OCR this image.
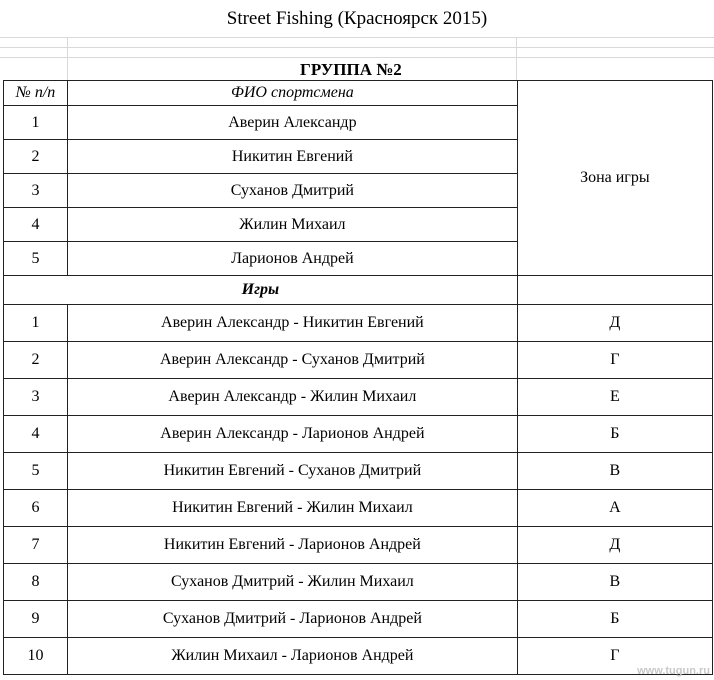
Street Fishing (Красноярск 2015)
ГРУППА №2
№ п/п	ФИО спортсмена	Зона игры
1	Аверин Александр	
2	Никитин Евгений	
3	Суханов Дмитрий	
4	Жилин Михаил	
5	Ларионов Андрей	
Игры		
1	Аверин Александр - Никитин Евгений	Д
2	Аверин Александр - Суханов Дмитрий	Г
3	Аверин Александр - Жилин Михаил	Е
4	Аверин Александр - Ларионов Андрей	Б
5	Никитин Евгений - Суханов Дмитрий	В
6	Никитин Евгений - Жилин Михаил	А
7	Никитин Евгений - Ларионов Андрей	Д
8	Суханов Дмитрий - Жилин Михаил	В
9	Суханов Дмитрий - Ларионов Андрей	Б
10	Жилин Михаил - Ларионов Андрей	Г
www.tugun.ru
